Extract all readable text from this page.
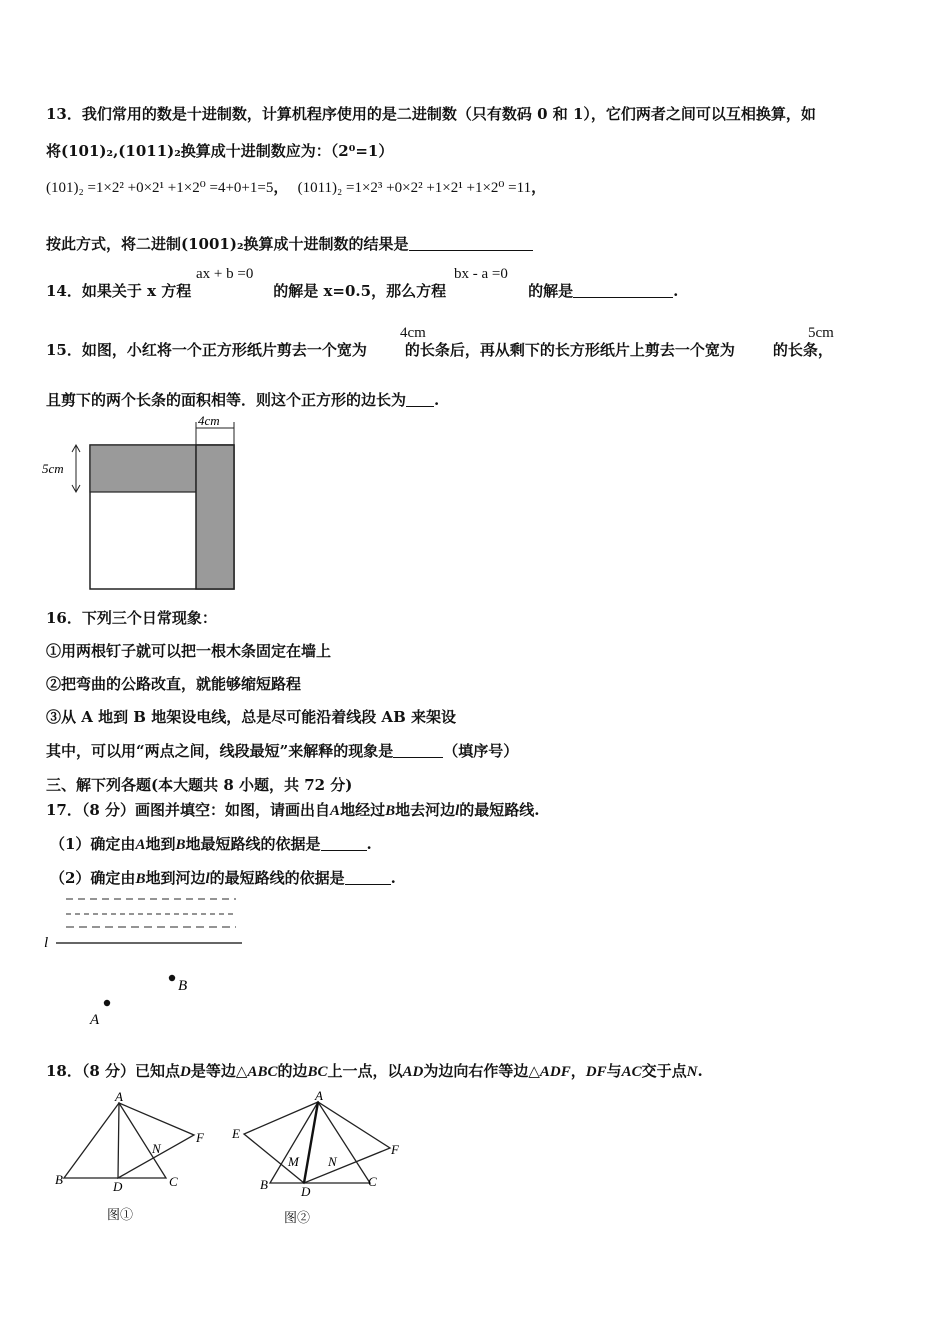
13．我们常用的数是十进制数，计算机程序使用的是二进制数（只有数码 0 和 1），它们两者之间可以互相换算，如
将(101)₂,(1011)₂换算成十进制数应为：（2⁰=1）
(101)₂ =1×2² +0×2¹ +1×2⁰ =4+0+1=5， (1011)₂ =1×2³ +0×2² +1×2¹ +1×2⁰ =11，
按此方式，将二进制(1001)₂换算成十进制数的结果是
14．如果关于 x 方程	的解是 x=0.5，那么方程	的解是	.
ax + b =0	bx - a =0
15．如图，小红将一个正方形纸片剪去一个宽为	的长条后，再从剩下的长方形纸片上剪去一个宽为	的长条，
4cm	5cm
且剪下的两个长条的面积相等．则这个正方形的边长为 .
4cm
5cm
16．下列三个日常现象：
①用两根钉子就可以把一根木条固定在墙上
②把弯曲的公路改直，就能够缩短路程
③从 A 地到 B 地架设电线，总是尽可能沿着线段 AB 来架设
其中，可以用“两点之间，线段最短”来解释的现象是	（填序号）
三、解下列各题(本大题共 8 小题，共 72 分)
17．（8 分）画图并填空：如图，请画出自A地经过B地去河边l的最短路线.
（1）确定由A地到B地最短路线的依据是	.
（2）确定由B地到河边l的最短路线的依据是	.
l
B
A
18．（8 分）已知点D是等边△ABC的边BC上一点，以AD为边向右作等边△ADF，DF与AC交于点N.
A
B	C
D
F
N
图①
A
B	C
D
E
F
M N
图②
